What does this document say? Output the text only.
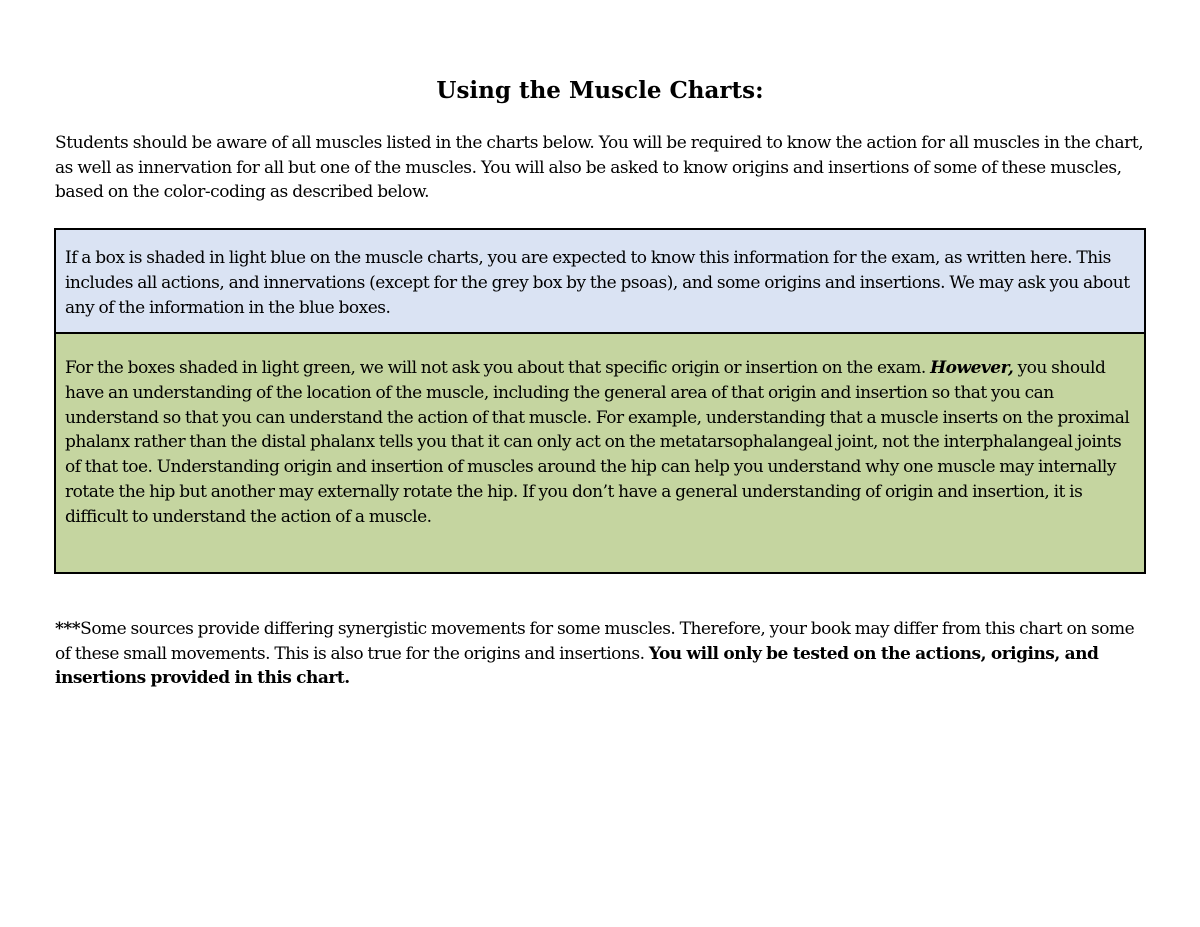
Using the Muscle Charts:

Students should be aware of all muscles listed in the charts below. You will be required to know the action for all muscles in the chart, as well as innervation for all but one of the muscles. You will also be asked to know origins and insertions of some of these muscles, based on the color-coding as described below.

If a box is shaded in light blue on the muscle charts, you are expected to know this information for the exam, as written here. This includes all actions, and innervations (except for the grey box by the psoas), and some origins and insertions. We may ask you about any of the information in the blue boxes.
For the boxes shaded in light green, we will not ask you about that specific origin or insertion on the exam. However, you should have an understanding of the location of the muscle, including the general area of that origin and insertion so that you can understand so that you can understand the action of that muscle. For example, understanding that a muscle inserts on the proximal phalanx rather than the distal phalanx tells you that it can only act on the metatarsophalangeal joint, not the interphalangeal joints of that toe. Understanding origin and insertion of muscles around the hip can help you understand why one muscle may internally rotate the hip but another may externally rotate the hip. If you don’t have a general understanding of origin and insertion, it is difficult to understand the action of a muscle.

***Some sources provide differing synergistic movements for some muscles. Therefore, your book may differ from this chart on some of these small movements. This is also true for the origins and insertions. You will only be tested on the actions, origins, and insertions provided in this chart.
